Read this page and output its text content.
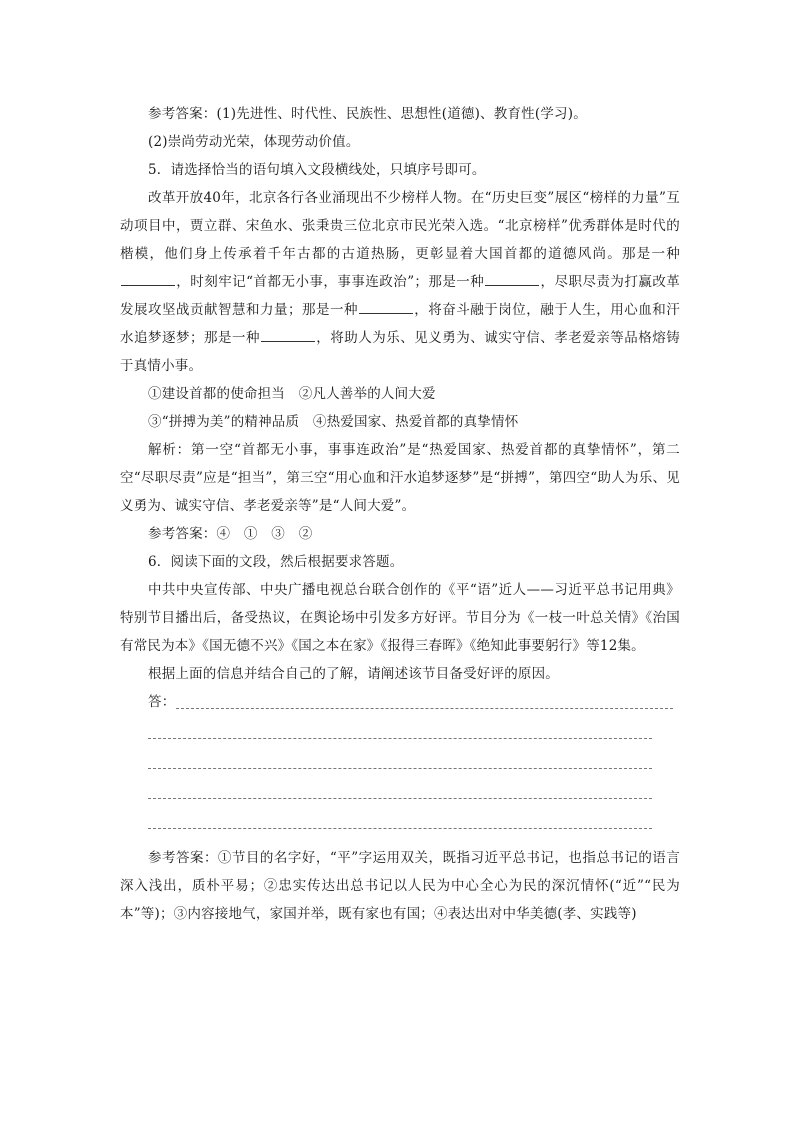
参考答案：(1)先进性、时代性、民族性、思想性(道德)、教育性(学习)。

(2)崇尚劳动光荣，体现劳动价值。

5．请选择恰当的语句填入文段横线处，只填序号即可。

改革开放40年，北京各行各业涌现出不少榜样人物。在“历史巨变”展区“榜样的力量”互动项目中，贾立群、宋鱼水、张秉贵三位北京市民光荣入选。“北京榜样”优秀群体是时代的楷模，他们身上传承着千年古都的古道热肠，更彰显着大国首都的道德风尚。那是一种，时刻牢记“首都无小事，事事连政治”；那是一种	，尽职尽责为打赢改革发展攻坚战贡献智慧和力量；那是一种	，将奋斗融于岗位，融于人生，用心血和汗水追梦逐梦；那是一种	，将助人为乐、见义勇为、诚实守信、孝老爱亲等品格熔铸于真情小事。

①建设首都的使命担当　②凡人善举的人间大爱

③“拼搏为美”的精神品质　④热爱国家、热爱首都的真挚情怀

解析：第一空“首都无小事，事事连政治”是“热爱国家、热爱首都的真挚情怀”，第二空“尽职尽责”应是“担当”，第三空“用心血和汗水追梦逐梦”是“拼搏”，第四空“助人为乐、见义勇为、诚实守信、孝老爱亲等”是“人间大爱”。

参考答案：④　①　③　②

6．阅读下面的文段，然后根据要求答题。

中共中央宣传部、中央广播电视总台联合创作的《平“语”近人——习近平总书记用典》特别节目播出后，备受热议，在舆论场中引发多方好评。节目分为《一枝一叶总关情》《治国有常民为本》《国无德不兴》《国之本在家》《报得三春晖》《绝知此事要躬行》等12集。

根据上面的信息并结合自己的了解，请阐述该节目备受好评的原因。

答：

参考答案：①节目的名字好，“平”字运用双关，既指习近平总书记，也指总书记的语言深入浅出，质朴平易；②忠实传达出总书记以人民为中心全心为民的深沉情怀(“近”“民为本”等)；③内容接地气，家国并举，既有家也有国；④表达出对中华美德(孝、实践等)
